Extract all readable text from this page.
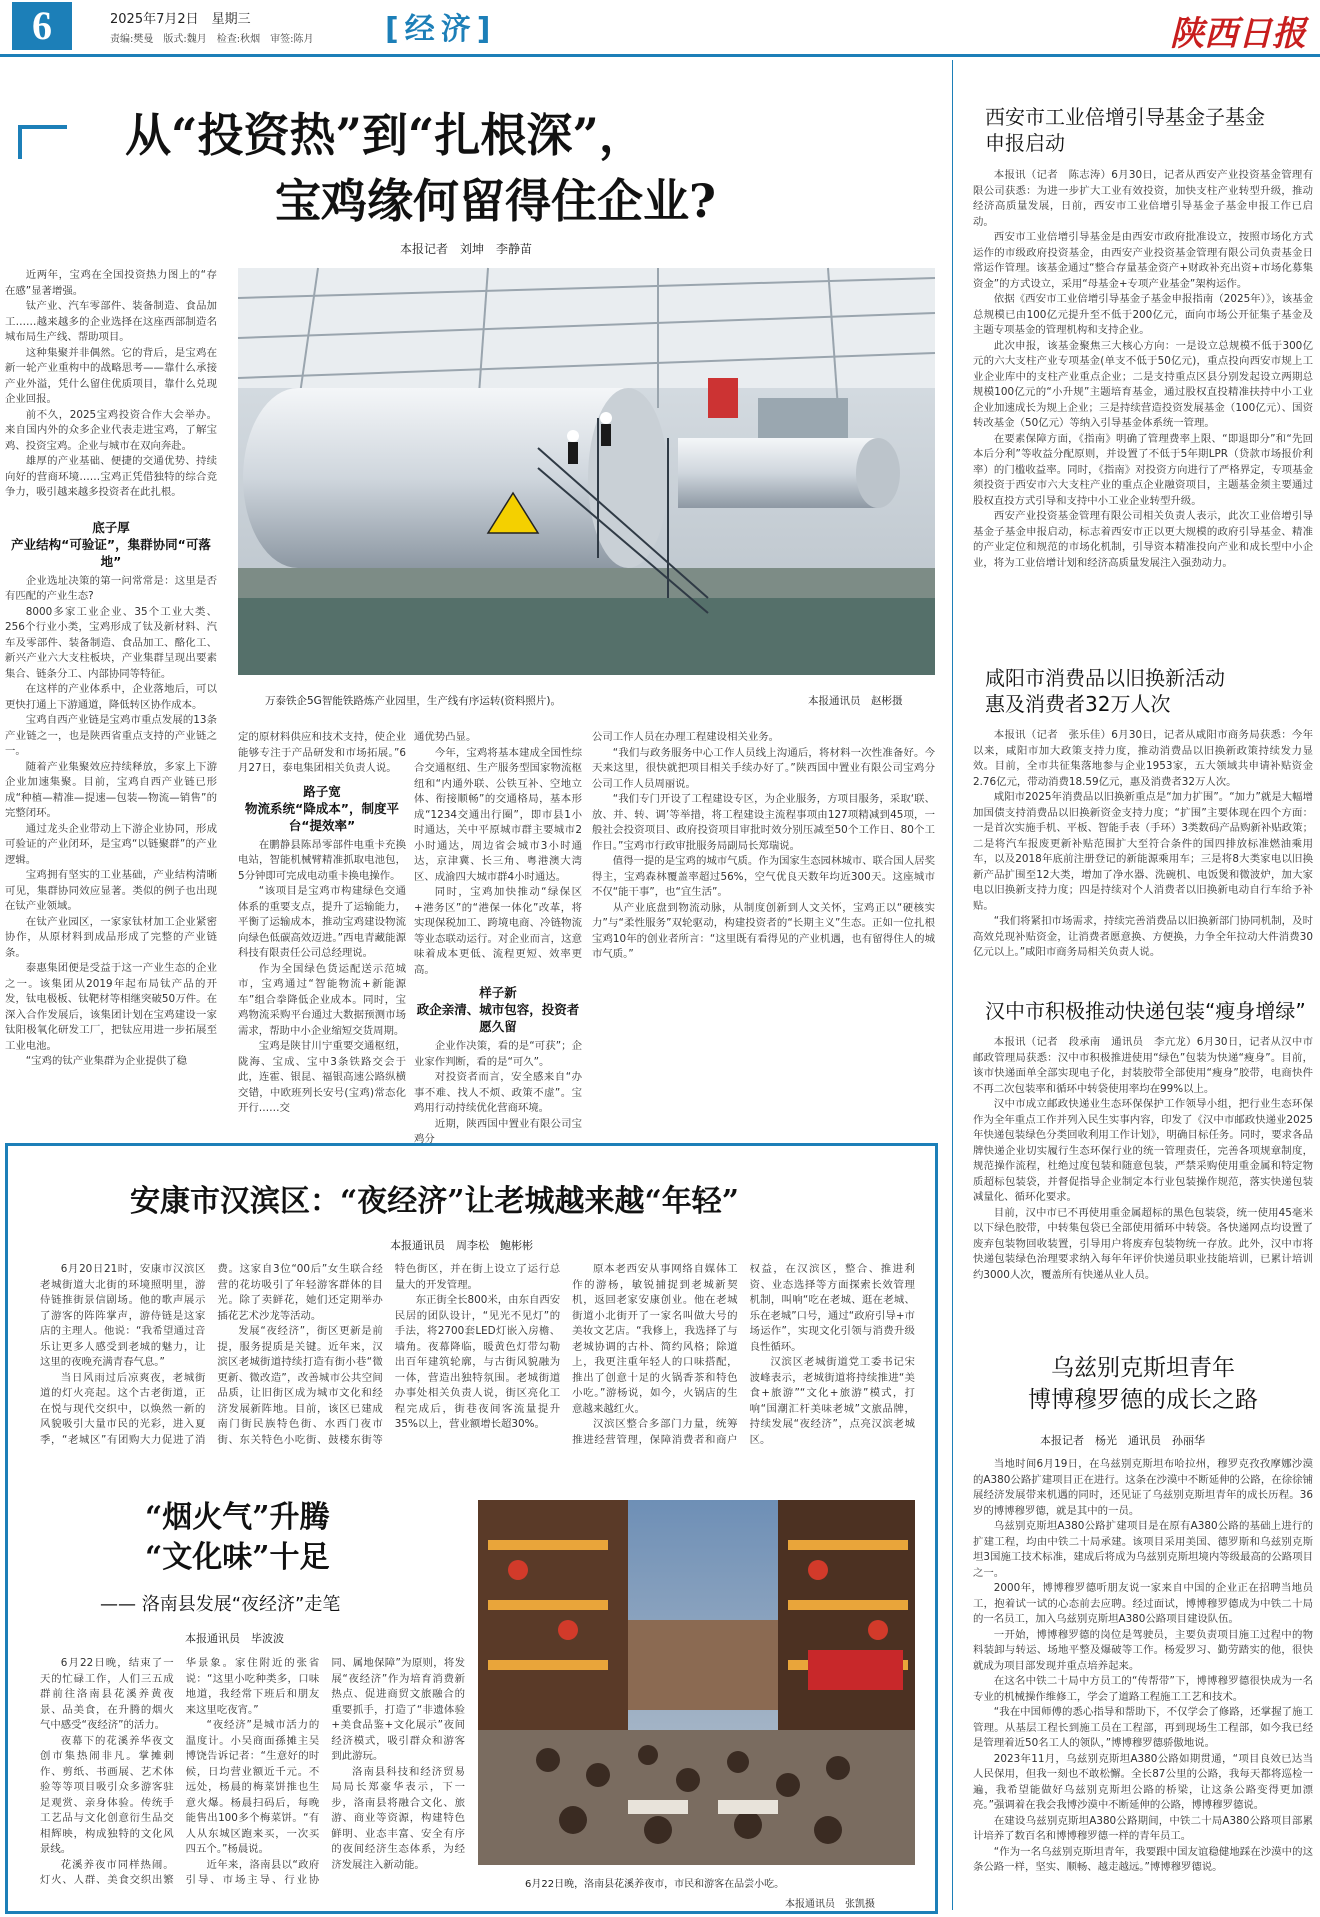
6	2025年7月2日　星期三
责编:樊曼　版式:魏月　检查:秋烟　审签:陈月 [经济]	陕西日报
从“投资热”到“扎根深”，
宝鸡缘何留得住企业?
本报记者　刘坤　李静苗
万泰铁企5G智能铁路炼产业园里，生产线有序运转(资料照片)。	本报通讯员　赵彬摄

近两年，宝鸡在全国投资热力图上的“存在感”显著增强。

钛产业、汽车零部件、装备制造、食品加工……越来越多的企业选择在这座西部制造名城布局生产线、帮助项目。

这种集聚并非偶然。它的背后，是宝鸡在新一轮产业重构中的战略思考——靠什么承接产业外溢，凭什么留住优质项目，靠什么兑现企业回报。

前不久，2025宝鸡投资合作大会举办。来自国内外的众多企业代表走进宝鸡，了解宝鸡、投资宝鸡。企业与城市在双向奔赴。

雄厚的产业基础、便捷的交通优势、持续向好的营商环境……宝鸡正凭借独特的综合竞争力，吸引越来越多投资者在此扎根。

底子厚
产业结构“可验证”，集群协同“可落地”

企业选址决策的第一问常常是：这里是否有匹配的产业生态?

8000多家工业企业、35个工业大类、256个行业小类，宝鸡形成了钛及新材料、汽车及零部件、装备制造、食品加工、酪化工、新兴产业六大支柱板块，产业集群呈现出要素集合、链条分工、内部协同等特征。

在这样的产业体系中，企业落地后，可以更快打通上下游通道，降低转区协作成本。

宝鸡自西产业链是宝鸡市重点发展的13条产业链之一，也是陕西省重点支持的产业链之一。

随着产业集聚效应持续释放，多家上下游企业加速集聚。目前，宝鸡自西产业链已形成“种植—精准—提速—包装—物流—销售”的完整闭环。

通过龙头企业带动上下游企业协同，形成可验证的产业闭环，是宝鸡“以链聚群”的产业逻辑。

宝鸡拥有坚实的工业基础，产业结构清晰可见，集群协同效应显著。类似的例子也出现在钛产业领域。

在钛产业园区，一家家钛材加工企业紧密协作，从原材料到成品形成了完整的产业链条。

泰惠集团便是受益于这一产业生态的企业之一。该集团从2019年起布局钛产品的开发，钛电极板、钛靶材等相继突破50万件。在深入合作发展后，该集团计划在宝鸡建设一家钛阳极氧化研发工厂，把钛应用进一步拓展至工业电池。

“宝鸡的钛产业集群为企业提供了稳

定的原材料供应和技术支持，使企业能够专注于产品研发和市场拓展。”6月27日，泰电集团相关负责人说。

路子宽
物流系统“降成本”，制度平台“提效率”

在鹏静县陈昂零部件电重卡充换电站，智能机械臂精准抓取电池包，5分钟即可完成电动重卡换电操作。

“该项目是宝鸡市构建绿色交通体系的重要支点，提升了运输能力，平衡了运输成本，推动宝鸡建设物流向绿色低碳高效迈进。”西电青藏能源科技有限责任公司总经理说。

作为全国绿色货运配送示范城市，宝鸡通过“智能物流+新能源车”组合拳降低企业成本。同时，宝鸡物流采购平台通过大数据预测市场需求，帮助中小企业缩短交货周期。

宝鸡是陕甘川宁重要交通枢纽，陇海、宝成、宝中3条铁路交会于此，连霍、银昆、福银高速公路纵横交错，中欧班列长安号(宝鸡)常态化开行……交

通优势凸显。

今年，宝鸡将基本建成全国性综合交通枢纽、生产服务型国家物流枢纽和“内通外联、公铁互补、空地立体、衔接顺畅”的交通格局，基本形成“1234交通出行圈”，即市县1小时通达，关中平原城市群主要城市2小时通达，周边省会城市3小时通达，京津冀、长三角、粤港澳大湾区、成渝四大城市群4小时通达。

同时，宝鸡加快推动“绿保区+港务区”的“港保一体化”改革，将实现保税加工、跨境电商、冷链物流等业态联动运行。对企业而言，这意味着成本更低、流程更短、效率更高。

样子新
政企亲清、城市包容，投资者愿久留

企业作决策，看的是“可获”；企业家作判断，看的是“可久”。

对投资者而言，安全感来自“办事不难、找人不烦、政策不虚”。宝鸡用行动持续优化营商环境。

近期，陕西国中置业有限公司宝鸡分

公司工作人员在办理工程建设相关业务。

“我们与政务服务中心工作人员线上沟通后，将材料一次性准备好。今天来这里，很快就把项目相关手续办好了。”陕西国中置业有限公司宝鸡分公司工作人员周丽说。

“我们专门开设了工程建设专区，为企业服务，方项目服务，采取‘联、放、并、转、调’等举措，将工程建设主流程事项由127项精减到45项，一般社会投资项目、政府投资项目审批时效分别压减至50个工作日、80个工作日。”宝鸡市行政审批服务局副局长郑瑞说。

值得一提的是宝鸡的城市气质。作为国家生态园林城市、联合国人居奖得主，宝鸡森林覆盖率超过56%，空气优良天数年均近300天。这座城市不仅“能干事”，也“宜生活”。

从产业底盘到物流动脉，从制度创新到人文关怀，宝鸡正以“硬核实力”与“柔性服务”双轮驱动，构建投资者的“长期主义”生态。正如一位扎根宝鸡10年的创业者所言：“这里既有看得见的产业机遇，也有留得住人的城市气质。”

西安市工业倍增引导基金子基金
申报启动

本报讯（记者　陈志涛）6月30日，记者从西安产业投资基金管理有限公司获悉：为进一步扩大工业有效投资，加快支柱产业转型升级，推动经济高质量发展，日前，西安市工业倍增引导基金子基金申报工作已启动。

西安市工业倍增引导基金是由西安市政府批准设立，按照市场化方式运作的市级政府投资基金，由西安产业投资基金管理有限公司负责基金日常运作管理。该基金通过“整合存量基金资产+财政补充出资+市场化募集资金”的方式设立，采用“母基金+专项产业基金”架构运作。

依据《西安市工业倍增引导基金子基金申报指南（2025年）》，该基金总规模已由100亿元提升至不低于200亿元，面向市场公开征集子基金及主题专项基金的管理机构和支持企业。

此次申报，该基金聚焦三大核心方向：一是设立总规模不低于300亿元的六大支柱产业专项基金(单支不低于50亿元)，重点投向西安市规上工业企业库中的支柱产业重点企业；二是支持重点区县分别发起设立两期总规模100亿元的“小升规”主题培育基金，通过股权直投精准扶持中小工业企业加速成长为规上企业；三是持续营造投资发展基金（100亿元）、国资转改基金（50亿元）等纳入引导基金体系统一管理。

在要素保障方面，《指南》明确了管理费率上限、“即退即分”和“先回本后分利”等收益分配原则，并设置了不低于5年期LPR（贷款市场报价利率）的门槛收益率。同时，《指南》对投资方向进行了严格界定，专项基金须投资于西安市六大支柱产业的重点企业融资项目，主题基金须主要通过股权直投方式引导和支持中小工业企业转型升级。

西安产业投资基金管理有限公司相关负责人表示，此次工业倍增引导基金子基金申报启动，标志着西安市正以更大规模的政府引导基金、精准的产业定位和规范的市场化机制，引导资本精准投向产业和成长型中小企业，将为工业倍增计划和经济高质量发展注入强劲动力。

咸阳市消费品以旧换新活动
惠及消费者32万人次

本报讯（记者　张乐佳）6月30日，记者从咸阳市商务局获悉：今年以来，咸阳市加大政策支持力度，推动消费品以旧换新政策持续发力显效。目前，全市共征集落地参与企业1953家，五大领域共申请补贴资金2.76亿元，带动消费18.59亿元，惠及消费者32万人次。

咸阳市2025年消费品以旧换新重点是“加力扩围”。“加力”就是大幅增加国债支持消费品以旧换新资金支持力度；“扩围”主要体现在四个方面：一是首次实施手机、平板、智能手表（手环）3类数码产品购新补贴政策；二是将汽车报废更新补贴范围扩大至符合条件的国四排放标准燃油乘用车，以及2018年底前注册登记的新能源乘用车；三是将8大类家电以旧换新产品扩围至12大类，增加了净水器、洗碗机、电饭煲和微波炉，加大家电以旧换新支持力度；四是持续对个人消费者以旧换新电动自行车给予补贴。

“我们将紧扣市场需求，持续完善消费品以旧换新部门协同机制，及时高效兑现补贴资金，让消费者愿意换、方便换，力争全年拉动大件消费30亿元以上。”咸阳市商务局相关负责人说。

汉中市积极推动快递包装“瘦身增绿”

本报讯（记者　段承南　通讯员　李亢龙）6月30日，记者从汉中市邮政管理局获悉：汉中市积极推进使用“绿色”包装为快递“瘦身”。目前，该市快递面单全部实现电子化，封装胶带全部使用“瘦身”胶带，电商快件不再二次包装率和循环中转袋使用率均在99%以上。

汉中市成立邮政快递业生态环保保护工作领导小组，把行业生态环保作为全年重点工作并列入民生实事内容，印发了《汉中市邮政快递业2025年快递包装绿色分类回收利用工作计划》，明确目标任务。同时，要求各品牌快递企业切实履行生态环保行业的统一管理责任，完善各项规章制度，规范操作流程，杜绝过度包装和随意包装，严禁采购使用重金属和特定物质超标包装袋，并督促指导企业制定本行业包装操作规范，落实快递包装减量化、循环化要求。

目前，汉中市已不再使用重金属超标的黑色包装袋，统一使用45毫米以下绿色胶带，中转集包袋已全部使用循环中转袋。各快递网点均设置了废弃包装物回收装置，引导用户将废弃包装物统一存放。此外，汉中市将快递包装绿色治理要求纳入每年年评价快递员职业技能培训，已累计培训约3000人次，覆盖所有快递从业人员。

乌兹别克斯坦青年
博博穆罗德的成长之路
本报记者　杨光　通讯员　孙丽华

当地时间6月19日，在乌兹别克斯坦布哈拉州，穆罗克孜孜摩娜沙漠的A380公路扩建项目正在进行。这条在沙漠中不断延伸的公路，在徐徐铺展经济发展带来机遇的同时，还见证了乌兹别克斯坦青年的成长历程。36岁的博博穆罗德，就是其中的一员。

乌兹别克斯坦A380公路扩建项目是在原有A380公路的基础上进行的扩建工程，均由中铁二十局承建。该项目采用美国、德罗斯和乌兹别克斯坦3国施工技术标准，建成后将成为乌兹别克斯坦境内等级最高的公路项目之一。

2000年，博博穆罗德听朋友说一家来自中国的企业正在招聘当地员工，抱着试一试的心态前去应聘。经过面试，博博穆罗德成为中铁二十局的一名员工，加入乌兹别克斯坦A380公路项目建设队伍。

一开始，博博穆罗德的岗位是驾驶员，主要负责项目施工过程中的物料装卸与转运、场地平整及爆破等工作。杨爱罗习、勤劳踏实的他，很快就成为项目部发现并重点培养起来。

在这名中铁二十局中方员工的“传帮带”下，博博穆罗德很快成为一名专业的机械操作维修工，学会了道路工程施工工艺和技术。

“我在中国师傅的悉心指导和帮助下，不仅学会了修路，还掌握了施工管理。从基层工程长到施工员在工程部，再到现场生工程部，如今我已经是管理着近50名工人的领队，”博博穆罗德骄傲地说。

2023年11月，乌兹别克斯坦A380公路如期贯通，“项目良效已达当人民保用，但我一刻也不敢松懈。全长87公里的公路，我每天都将巡检一遍，我希望能做好乌兹别克斯坦公路的桥梁，让这条公路变得更加漂亮。”强调着在我会我博沙漠中不断延伸的公路，博博穆罗德说。

在建设乌兹别克斯坦A380公路期间，中铁二十局A380公路项目部累计培养了数百名和博博穆罗德一样的青年员工。

“作为一名乌兹别克斯坦青年，我要跟中国友谊稳健地踩在沙漠中的这条公路一样，坚实、顺畅、越走越远。”博博穆罗德说。

安康市汉滨区：“夜经济”让老城越来越“年轻”
本报通讯员　周李松　鲍彬彬

6月20日21时，安康市汉滨区老城街道大北街的环境照明里，游侍链推街景信剧场。他的歌声展示了游客的阵阵掌声，游侍链是这家店的主理人。他说：“我希望通过音乐让更多人感受到老城的魅力，让这里的夜晚充满青春气息。”

当日风雨过后凉爽夜，老城街道的灯火亮起。这个古老街道，正在悦与现代交织中，以焕然一新的风貌吸引大量市民的光彩，进入夏季，“老城区”有团购大力促进了消费。这家自3位“00后”女生联合经营的花坊吸引了年轻游客群体的目光。除了卖鲜花，她们还定期举办插花艺术沙龙等活动。

发展“夜经济”，街区更新是前提，服务提质是关键。近年来，汉滨区老城街道持续打造有街小巷“微更新、微改造”，改善城市公共空间品质，让旧街区成为城市文化和经济发展新阵地。目前，该区已建成南门街民族特色街、水西门夜市街、东关特色小吃街、鼓楼东街等特色街区，并在街上设立了运行总量大的开发管理。

东正街全长800米，由东自西安民居的团队设计，“见光不见灯”的手法，将2700套LED灯嵌入房檐、墙角。夜幕降临，暖黄色灯带勾勒出百年建筑轮廓，与古街风貌融为一体，营造出独特氛围。老城街道办事处相关负责人说，街区亮化工程完成后，街巷夜间客流量提升35%以上，营业额增长超30%。

原本老西安从事网络自媒体工作的游杨，敏锐捕捉到老城新契机，返回老家安康创业。他在老城街道小北街开了一家名叫做大号的美妆文艺店。“我修上，我选择了与老城协调的古朴、简约风格；除道上，我更注重年轻人的口味搭配，推出了创意十足的火锅香茶和特色小吃。”游杨说，如今，火锅店的生意越来越红火。

汉滨区整合多部门力量，统筹推进经营管理，保障消费者和商户权益，在汉滨区，整合、推进利资、业态选择等方面探索长效管理机制，叫响“吃在老城、逛在老城、乐在老城”口号，通过“政府引导+市场运作”，实现文化引领与消费升级良性循环。

汉滨区老城街道党工委书记宋波峰表示，老城街道将持续推进“美食+旅游”“文化+旅游”模式，打响“国潮汇杆美味老城”文旅品牌，持续发展“夜经济”，点亮汉滨老城区。

“烟火气”升腾
“文化味”十足
—— 洛南县发展“夜经济”走笔
本报通讯员　毕波波

6月22日晚，结束了一天的忙碌工作，人们三五成群前往洛南县花溪养黄夜景、品美食，在升腾的烟火气中感受“夜经济”的活力。

夜幕下的花溪养华夜文创市集热闹非凡。掌摊刺作、剪纸、书画展、艺术体验等等项目吸引众多游客驻足观赏、亲身体验。传统手工艺品与文化创意衍生品交相辉映，构成独特的文化风景线。

花溪养夜市同样热闹。灯火、人群、美食交织出繁华景象。家住附近的张省说：“这里小吃种类多，口味地道，我经常下班后和朋友来这里吃夜宵。”

“夜经济”是城市活力的温度计。小吴商面孫摊主吴博饶告诉记者：“生意好的时候，日均营业额近千元。不远处，杨晨的梅菜饼推也生意火爆。杨晨扫码后，每晚能售出100多个梅菜饼。“有人从东城区跑来买，一次买四五个。”杨晨说。

近年来，洛南县以“政府引导、市场主导、行业协同、属地保障”为原则，将发展“夜经济”作为培育消费新热点、促进商贸文旅融合的重要抓手，打造了“非遗体验+美食品鉴+文化展示”夜间经济模式，吸引群众和游客到此游玩。

洛南县科技和经济贸易局局长郑豪华表示，下一步，洛南县将融合文化、旅游、商业等资源，构建特色鲜明、业态丰富、安全有序的夜间经济生态体系，为经济发展注入新动能。

6月22日晚，洛南县花溪养夜市，市民和游客在品尝小吃。
本报通讯员　张凯摄
